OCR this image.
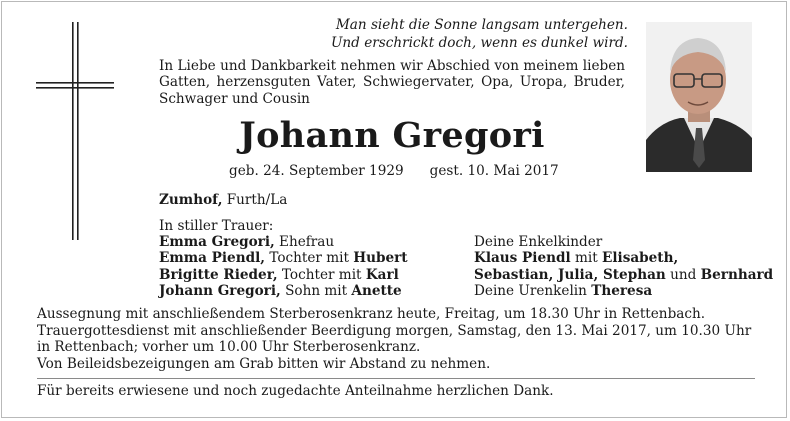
Man sieht die Sonne langsam untergehen.
Und erschrickt doch, wenn es dunkel wird.
In Liebe und Dankbarkeit nehmen wir Abschied von meinem lieben Gatten, herzensguten Vater, Schwiegervater, Opa, Uropa, Bruder, Schwager und Cousin
Johann Gregori
geb. 24. September 1929 gest. 10. Mai 2017
Zumhof, Furth/La
In stiller Trauer:
Emma Gregori, Ehefrau
Emma Piendl, Tochter mit Hubert
Brigitte Rieder, Tochter mit Karl
Johann Gregori, Sohn mit Anette
Deine Enkelkinder
Klaus Piendl mit Elisabeth,
Sebastian, Julia, Stephan und Bernhard
Deine Urenkelin Theresa

Aussegnung mit anschließendem Sterberosenkranz heute, Freitag, um 18.30 Uhr in Rettenbach.

Trauergottesdienst mit anschließender Beerdigung morgen, Samstag, den 13. Mai 2017, um 10.30 Uhr in Rettenbach; vorher um 10.00 Uhr Sterberosenkranz.

Von Beileidsbezeigungen am Grab bitten wir Abstand zu nehmen.

Für bereits erwiesene und noch zugedachte Anteilnahme herzlichen Dank.
